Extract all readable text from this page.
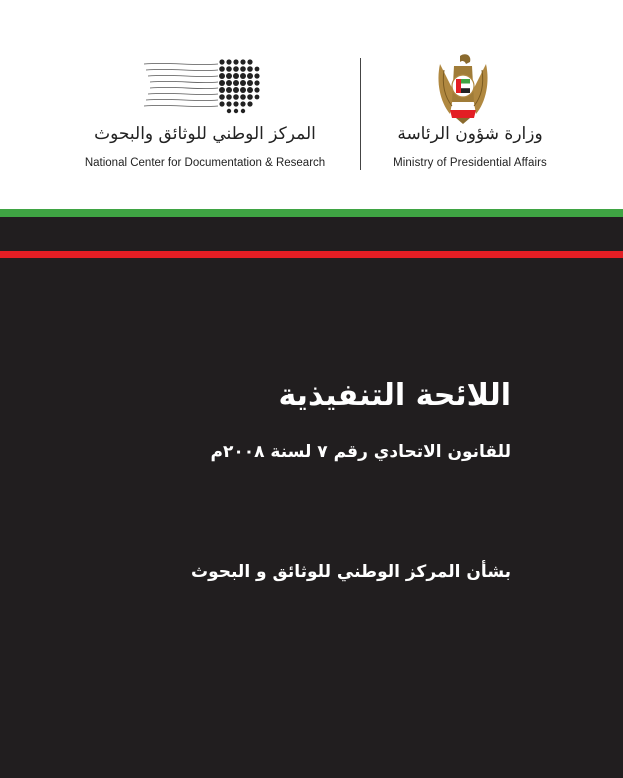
المركز الوطني للوثائق والبحوث
National Center for Documentation & Research
وزارة شؤون الرئاسة
Ministry of Presidential Affairs
اللائحة التنفيذية
للقانون الاتحادي رقم ٧ لسنة ٢٠٠٨م
بشأن المركز الوطني للوثائق و البحوث
